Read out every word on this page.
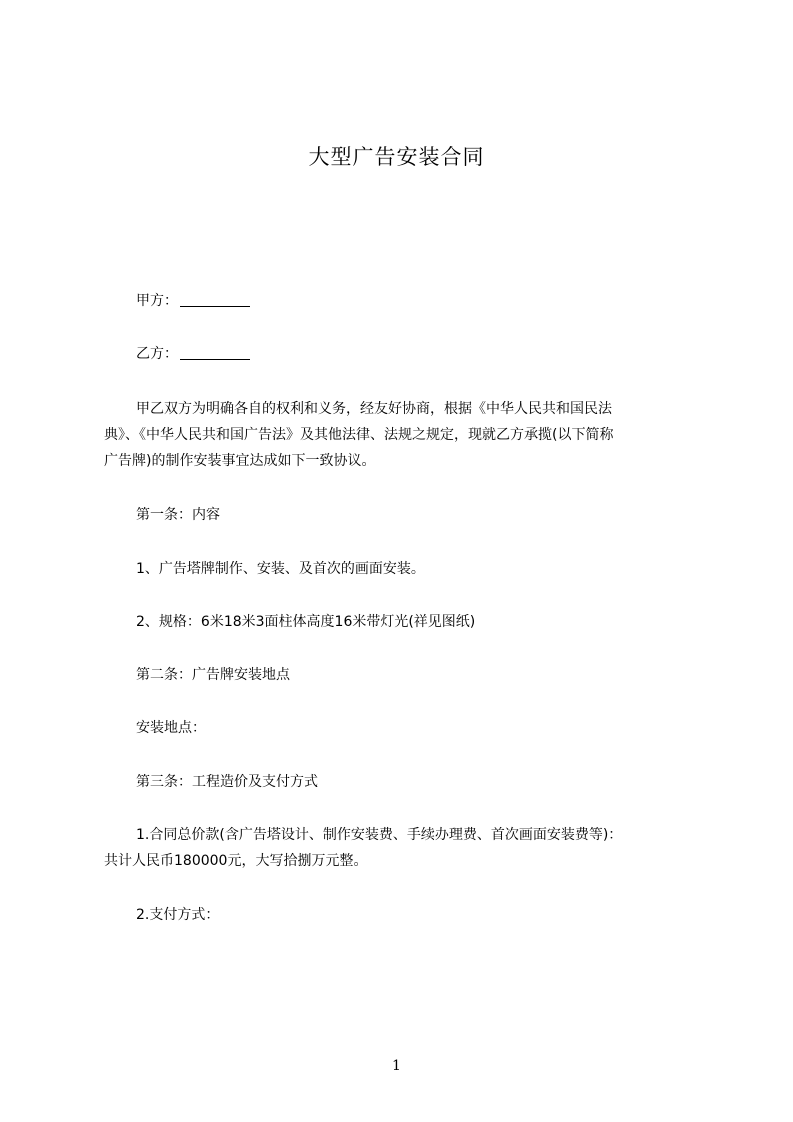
大型广告安装合同
甲方：
乙方：
甲乙双方为明确各自的权利和义务，经友好协商，根据《中华人民共和国民法
典》、《中华人民共和国广告法》及其他法律、法规之规定，现就乙方承揽(以下简称
广告牌)的制作安装事宜达成如下一致协议。
第一条：内容
1、广告塔牌制作、安装、及首次的画面安装。
2、规格：6米18米3面柱体高度16米带灯光(祥见图纸)
第二条：广告牌安装地点
安装地点：
第三条：工程造价及支付方式
1.合同总价款(含广告塔设计、制作安装费、手续办理费、首次画面安装费等)：
共计人民币180000元，大写拾捌万元整。
2.支付方式：
1
